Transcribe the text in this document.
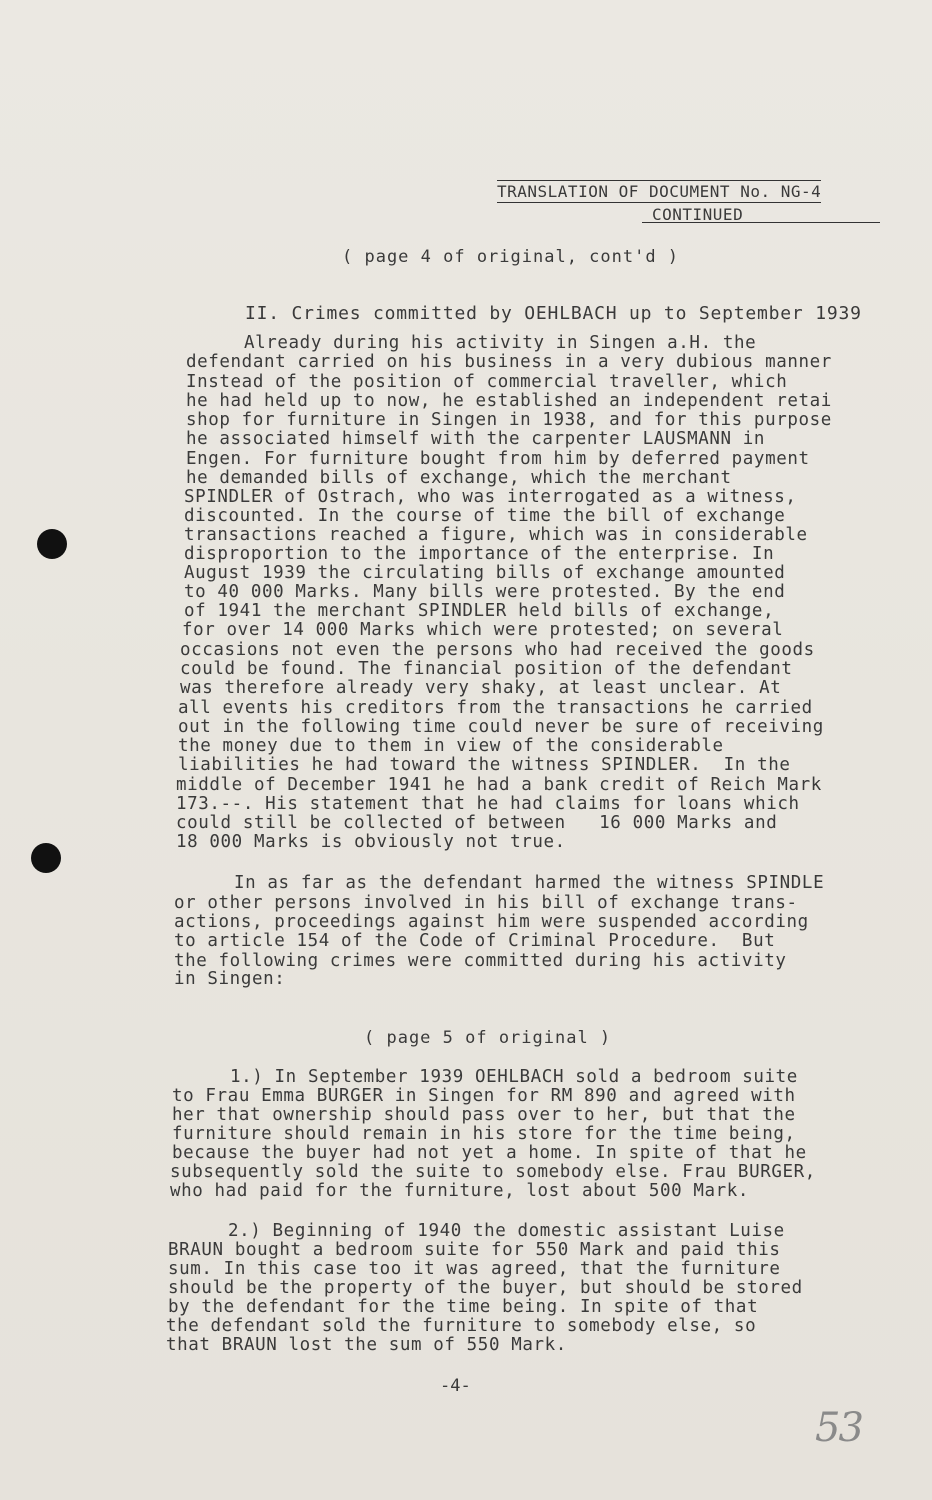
TRANSLATION OF DOCUMENT No. NG-4
CONTINUED
( page 4 of original, cont'd )
II. Crimes committed by OEHLBACH up to September 1939
Already during his activity in Singen a.H. the
defendant carried on his business in a very dubious manner
Instead of the position of commercial traveller, which
he had held up to now, he established an independent retai
shop for furniture in Singen in 1938, and for this purpose
he associated himself with the carpenter LAUSMANN in
Engen. For furniture bought from him by deferred payment
he demanded bills of exchange, which the merchant
SPINDLER of Ostrach, who was interrogated as a witness,
discounted. In the course of time the bill of exchange
transactions reached a figure, which was in considerable
disproportion to the importance of the enterprise. In
August 1939 the circulating bills of exchange amounted
to 40 000 Marks. Many bills were protested. By the end
of 1941 the merchant SPINDLER held bills of exchange,
for over 14 000 Marks which were protested; on several
occasions not even the persons who had received the goods
could be found. The financial position of the defendant
was therefore already very shaky, at least unclear. At
all events his creditors from the transactions he carried
out in the following time could never be sure of receiving
the money due to them in view of the considerable
liabilities he had toward the witness SPINDLER.  In the
middle of December 1941 he had a bank credit of Reich Mark
173.--. His statement that he had claims for loans which
could still be collected of between   16 000 Marks and
18 000 Marks is obviously not true.
In as far as the defendant harmed the witness SPINDLE
or other persons involved in his bill of exchange trans-
actions, proceedings against him were suspended according
to article 154 of the Code of Criminal Procedure.  But
the following crimes were committed during his activity
in Singen:
( page 5 of original )
1.) In September 1939 OEHLBACH sold a bedroom suite
to Frau Emma BURGER in Singen for RM 890 and agreed with
her that ownership should pass over to her, but that the
furniture should remain in his store for the time being,
because the buyer had not yet a home. In spite of that he
subsequently sold the suite to somebody else. Frau BURGER,
who had paid for the furniture, lost about 500 Mark.
2.) Beginning of 1940 the domestic assistant Luise
BRAUN bought a bedroom suite for 550 Mark and paid this
sum. In this case too it was agreed, that the furniture
should be the property of the buyer, but should be stored
by the defendant for the time being. In spite of that
the defendant sold the furniture to somebody else, so
that BRAUN lost the sum of 550 Mark.
-4-
53
